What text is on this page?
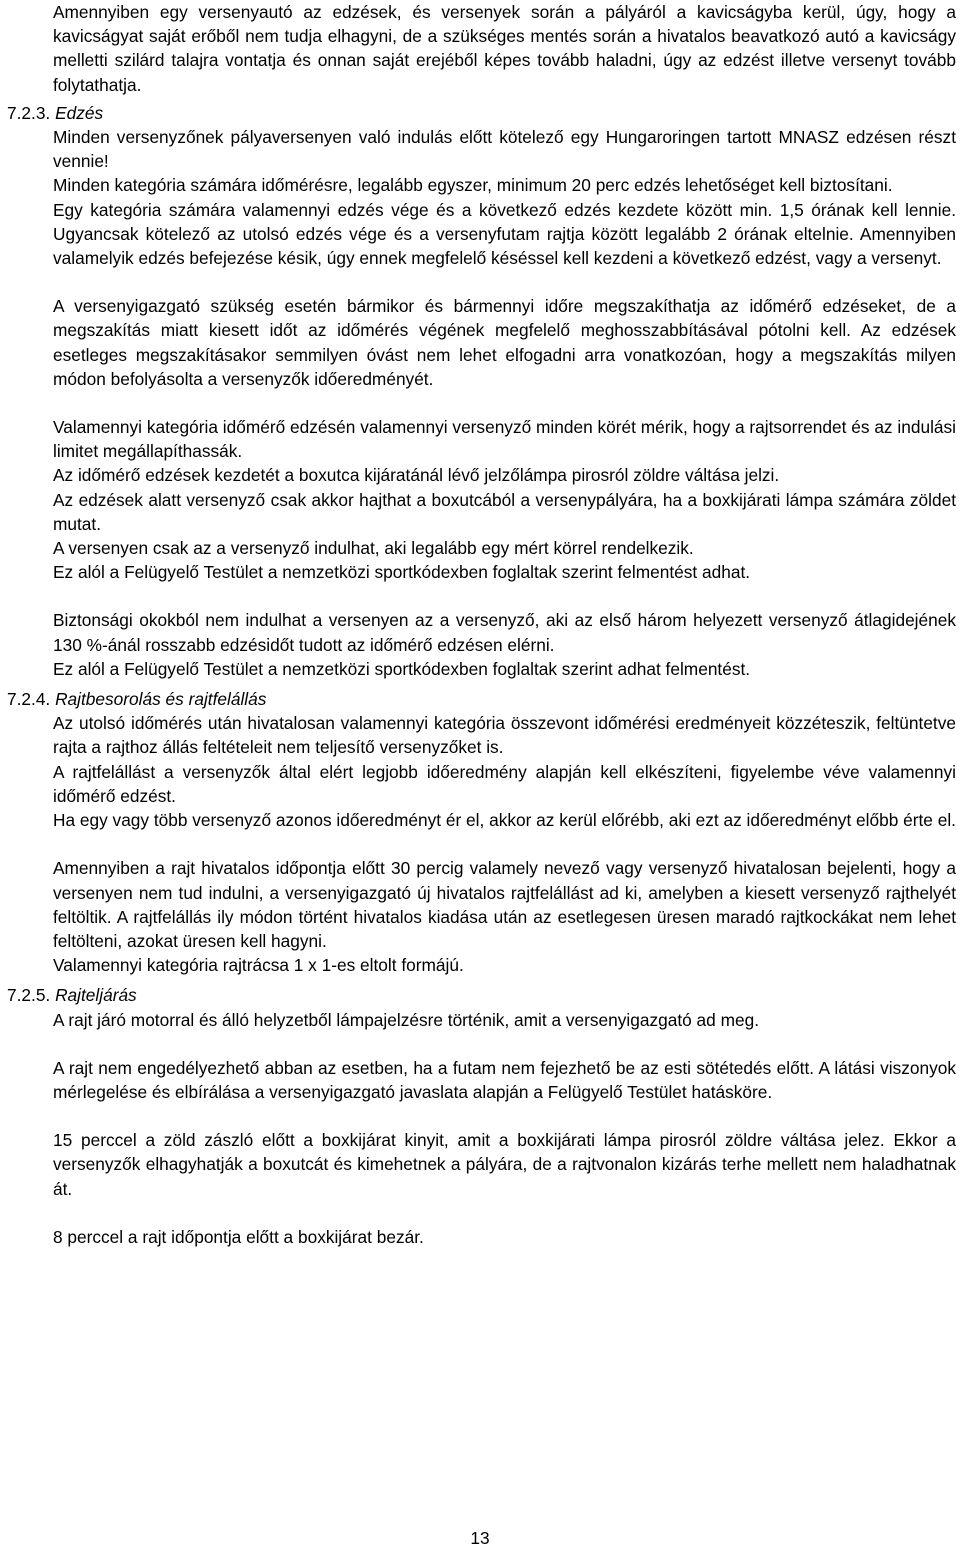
Amennyiben egy versenyautó az edzések, és versenyek során a pályáról a kavicságyba kerül, úgy, hogy a kavicságyat saját erőből nem tudja elhagyni, de a szükséges mentés során a hivatalos beavatkozó autó a kavicságy melletti szilárd talajra vontatja és onnan saját erejéből képes tovább haladni, úgy az edzést illetve versenyt tovább folytathatja.

7.2.3. Edzés

Minden versenyzőnek pályaversenyen való indulás előtt kötelező egy Hungaroringen tartott MNASZ edzésen részt vennie!

Minden kategória számára időmérésre, legalább egyszer, minimum 20 perc edzés lehetőséget kell biztosítani.

Egy kategória számára valamennyi edzés vége és a következő edzés kezdete között min. 1,5 órának kell lennie. Ugyancsak kötelező az utolsó edzés vége és a versenyfutam rajtja között legalább 2 órának eltelnie. Amennyiben valamelyik edzés befejezése késik, úgy ennek megfelelő késéssel kell kezdeni a következő edzést, vagy a versenyt.

A versenyigazgató szükség esetén bármikor és bármennyi időre megszakíthatja az időmérő edzéseket, de a megszakítás miatt kiesett időt az időmérés végének megfelelő meghosszabbításával pótolni kell. Az edzések esetleges megszakításakor semmilyen óvást nem lehet elfogadni arra vonatkozóan, hogy a megszakítás milyen módon befolyásolta a versenyzők időeredményét.

Valamennyi kategória időmérő edzésén valamennyi versenyző minden körét mérik, hogy a rajtsorrendet és az indulási limitet megállapíthassák.

Az időmérő edzések kezdetét a boxutca kijáratánál lévő jelzőlámpa pirosról zöldre váltása jelzi.

Az edzések alatt versenyző csak akkor hajthat a boxutcából a versenypályára, ha a boxkijárati lámpa számára zöldet mutat.

A versenyen csak az a versenyző indulhat, aki legalább egy mért körrel rendelkezik.

Ez alól a Felügyelő Testület a nemzetközi sportkódexben foglaltak szerint felmentést adhat.

Biztonsági okokból nem indulhat a versenyen az a versenyző, aki az első három helyezett versenyző átlagidejének 130 %-ánál rosszabb edzésidőt tudott az időmérő edzésen elérni.

Ez alól a Felügyelő Testület a nemzetközi sportkódexben foglaltak szerint adhat felmentést.

7.2.4. Rajtbesorolás és rajtfelállás

Az utolsó időmérés után hivatalosan valamennyi kategória összevont időmérési eredményeit közzéteszik, feltüntetve rajta a rajthoz állás feltételeit nem teljesítő versenyzőket is.

A rajtfelállást a versenyzők által elért legjobb időeredmény alapján kell elkészíteni, figyelembe véve valamennyi időmérő edzést.

Ha egy vagy több versenyző azonos időeredményt ér el, akkor az kerül előrébb, aki ezt az időeredményt előbb érte el.

Amennyiben a rajt hivatalos időpontja előtt 30 percig valamely nevező vagy versenyző hivatalosan bejelenti, hogy a versenyen nem tud indulni, a versenyigazgató új hivatalos rajtfelállást ad ki, amelyben a kiesett versenyző rajthelyét feltöltik. A rajtfelállás ily módon történt hivatalos kiadása után az esetlegesen üresen maradó rajtkockákat nem lehet feltölteni, azokat üresen kell hagyni.

Valamennyi kategória rajtrácsa 1 x 1-es eltolt formájú.

7.2.5. Rajteljárás

A rajt járó motorral és álló helyzetből lámpajelzésre történik, amit a versenyigazgató ad meg.

A rajt nem engedélyezhető abban az esetben, ha a futam nem fejezhető be az esti sötétedés előtt. A látási viszonyok mérlegelése és elbírálása a versenyigazgató javaslata alapján a Felügyelő Testület hatásköre.

15 perccel a zöld zászló előtt a boxkijárat kinyit, amit a boxkijárati lámpa pirosról zöldre váltása jelez. Ekkor a versenyzők elhagyhatják a boxutcát és kimehetnek a pályára, de a rajtvonalon kizárás terhe mellett nem haladhatnak át.

8 perccel a rajt időpontja előtt a boxkijárat bezár.

13
